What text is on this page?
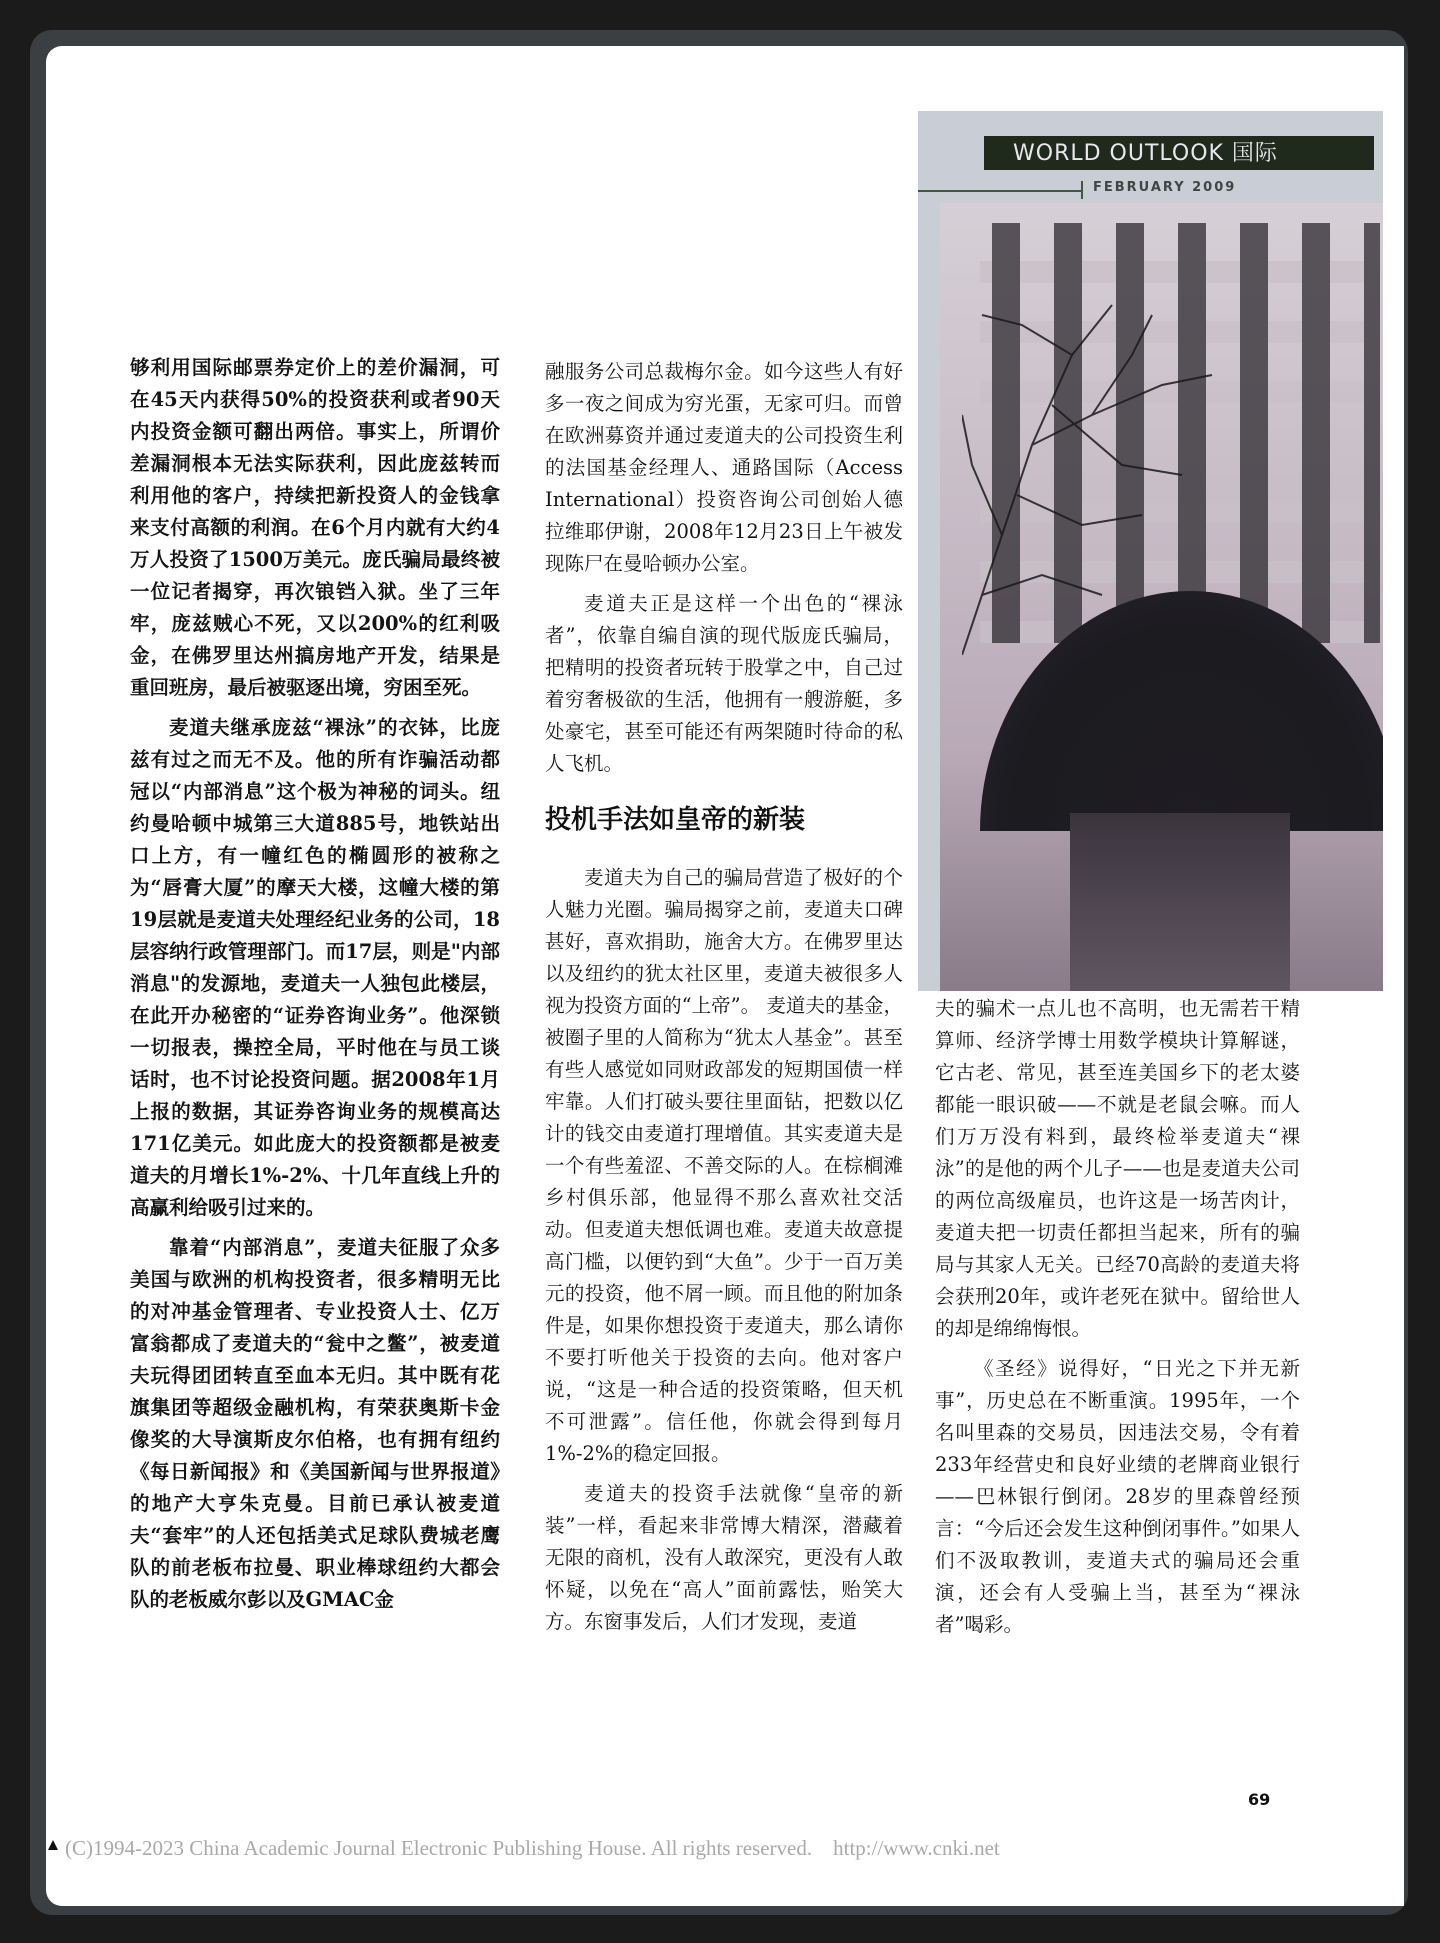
WORLD OUTLOOK 国际
FEBRUARY 2009

够利用国际邮票券定价上的差价漏洞，可在45天内获得50%的投资获利或者90天内投资金额可翻出两倍。事实上，所谓价差漏洞根本无法实际获利，因此庞兹转而利用他的客户，持续把新投资人的金钱拿来支付高额的利润。在6个月内就有大约4万人投资了1500万美元。庞氏骗局最终被一位记者揭穿，再次锒铛入狱。坐了三年牢，庞兹贼心不死，又以200%的红利吸金，在佛罗里达州搞房地产开发，结果是重回班房，最后被驱逐出境，穷困至死。

麦道夫继承庞兹“裸泳”的衣钵，比庞兹有过之而无不及。他的所有诈骗活动都冠以“内部消息”这个极为神秘的词头。纽约曼哈顿中城第三大道885号，地铁站出口上方，有一幢红色的椭圆形的被称之为“唇膏大厦”的摩天大楼，这幢大楼的第19层就是麦道夫处理经纪业务的公司，18层容纳行政管理部门。而17层，则是"内部消息"的发源地，麦道夫一人独包此楼层，在此开办秘密的“证券咨询业务”。他深锁一切报表，操控全局，平时他在与员工谈话时，也不讨论投资问题。据2008年1月上报的数据，其证券咨询业务的规模高达171亿美元。如此庞大的投资额都是被麦道夫的月增长1%-2%、十几年直线上升的高赢利给吸引过来的。

靠着“内部消息”，麦道夫征服了众多美国与欧洲的机构投资者，很多精明无比的对冲基金管理者、专业投资人士、亿万富翁都成了麦道夫的“瓮中之鳖”，被麦道夫玩得团团转直至血本无归。其中既有花旗集团等超级金融机构，有荣获奥斯卡金像奖的大导演斯皮尔伯格，也有拥有纽约《每日新闻报》和《美国新闻与世界报道》的地产大亨朱克曼。目前已承认被麦道夫“套牢”的人还包括美式足球队费城老鹰队的前老板布拉曼、职业棒球纽约大都会队的老板威尔彭以及GMAC金

融服务公司总裁梅尔金。如今这些人有好多一夜之间成为穷光蛋，无家可归。而曾在欧洲募资并通过麦道夫的公司投资生利的法国基金经理人、通路国际（Access International）投资咨询公司创始人德拉维耶伊谢，2008年12月23日上午被发现陈尸在曼哈顿办公室。

麦道夫正是这样一个出色的“裸泳者”，依靠自编自演的现代版庞氏骗局，把精明的投资者玩转于股掌之中，自己过着穷奢极欲的生活，他拥有一艘游艇，多处豪宅，甚至可能还有两架随时待命的私人飞机。

投机手法如皇帝的新装

麦道夫为自己的骗局营造了极好的个人魅力光圈。骗局揭穿之前，麦道夫口碑甚好，喜欢捐助，施舍大方。在佛罗里达以及纽约的犹太社区里，麦道夫被很多人视为投资方面的“上帝”。 麦道夫的基金，被圈子里的人简称为“犹太人基金”。甚至有些人感觉如同财政部发的短期国债一样牢靠。人们打破头要往里面钻，把数以亿计的钱交由麦道打理增值。其实麦道夫是一个有些羞涩、不善交际的人。在棕榈滩乡村俱乐部，他显得不那么喜欢社交活动。但麦道夫想低调也难。麦道夫故意提高门槛，以便钓到“大鱼”。少于一百万美元的投资，他不屑一顾。而且他的附加条件是，如果你想投资于麦道夫，那么请你不要打听他关于投资的去向。他对客户说，“这是一种合适的投资策略，但天机不可泄露”。信任他，你就会得到每月1%-2%的稳定回报。

麦道夫的投资手法就像“皇帝的新装”一样，看起来非常博大精深，潜藏着无限的商机，没有人敢深究，更没有人敢怀疑，以免在“高人”面前露怯，贻笑大方。东窗事发后，人们才发现，麦道

夫的骗术一点儿也不高明，也无需若干精算师、经济学博士用数学模块计算解谜，它古老、常见，甚至连美国乡下的老太婆都能一眼识破——不就是老鼠会嘛。而人们万万没有料到，最终检举麦道夫“裸泳”的是他的两个儿子——也是麦道夫公司的两位高级雇员，也许这是一场苦肉计，麦道夫把一切责任都担当起来，所有的骗局与其家人无关。已经70高龄的麦道夫将会获刑20年，或许老死在狱中。留给世人的却是绵绵悔恨。

《圣经》说得好，“日光之下并无新事”，历史总在不断重演。1995年，一个名叫里森的交易员，因违法交易，令有着233年经营史和良好业绩的老牌商业银行——巴林银行倒闭。28岁的里森曾经预言：“今后还会发生这种倒闭事件。”如果人们不汲取教训，麦道夫式的骗局还会重演，还会有人受骗上当，甚至为“裸泳者”喝彩。

69
(C)1994-2023 China Academic Journal Electronic Publishing House. All rights reserved.    http://www.cnki.net
